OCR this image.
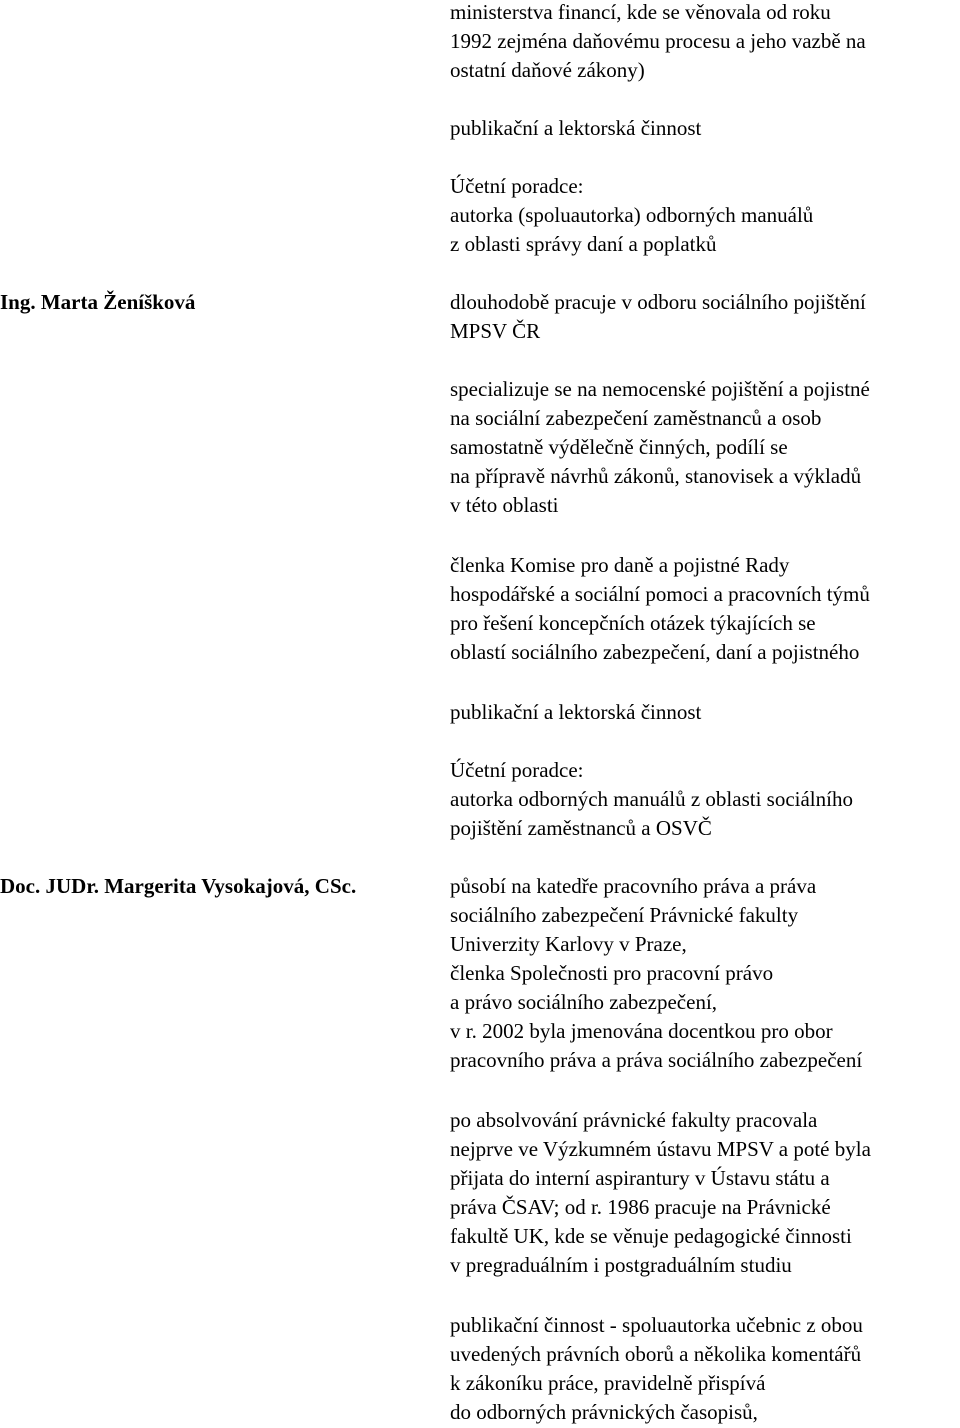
ministerstva financí, kde se věnovala od roku
1992 zejména daňovému procesu a jeho vazbě na
ostatní daňové zákony)
publikační a lektorská činnost
Účetní poradce:
autorka (spoluautorka) odborných manuálů
z oblasti správy daní a poplatků
Ing. Marta Ženíšková	dlouhodobě pracuje v odboru sociálního pojištění
MPSV ČR
specializuje se na nemocenské pojištění a pojistné
na sociální zabezpečení zaměstnanců a osob
samostatně výdělečně činných, podílí se
na přípravě návrhů zákonů, stanovisek a výkladů
v této oblasti
členka Komise pro daně a pojistné Rady
hospodářské a sociální pomoci a pracovních týmů
pro řešení koncepčních otázek týkajících se
oblastí sociálního zabezpečení, daní a pojistného
publikační a lektorská činnost
Účetní poradce:
autorka odborných manuálů z oblasti sociálního
pojištění zaměstnanců a OSVČ
Doc. JUDr. Margerita Vysokajová, CSc.	působí na katedře pracovního práva a práva
sociálního zabezpečení Právnické fakulty
Univerzity Karlovy v Praze,
členka Společnosti pro pracovní právo
a právo sociálního zabezpečení,
v r. 2002 byla jmenována docentkou pro obor
pracovního práva a práva sociálního zabezpečení
po absolvování právnické fakulty pracovala
nejprve ve Výzkumném ústavu MPSV a poté byla
přijata do interní aspirantury v Ústavu státu a
práva ČSAV; od r. 1986 pracuje na Právnické
fakultě UK, kde se věnuje pedagogické činnosti
v pregraduálním i postgraduálním studiu
publikační činnost - spoluautorka učebnic z obou
uvedených právních oborů a několika komentářů
k zákoníku práce, pravidelně přispívá
do odborných právnických časopisů,
